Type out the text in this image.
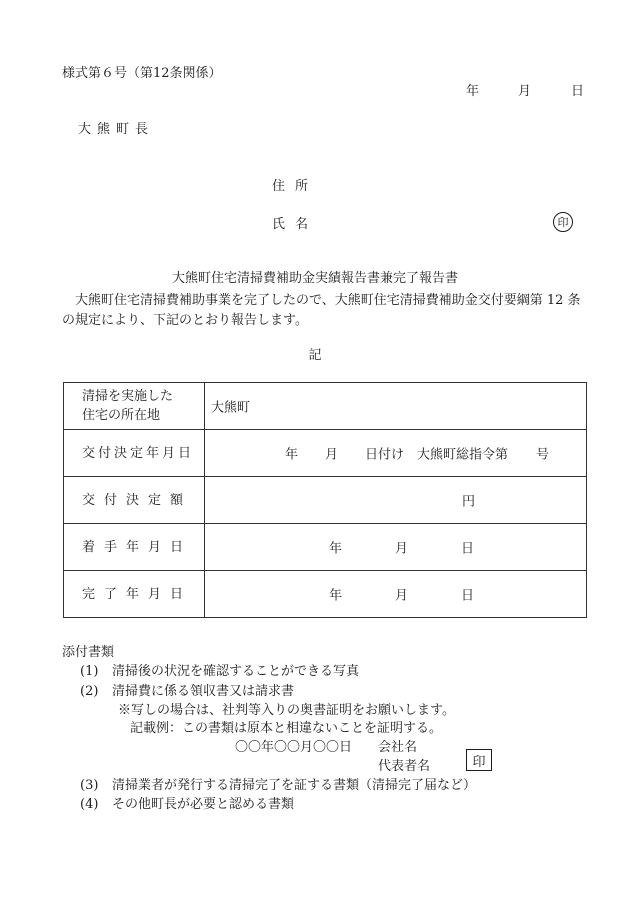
様式第６号（第12条関係）
年	月	日
大熊町長
住所
氏名	印
大熊町住宅清掃費補助金実績報告書兼完了報告書
大熊町住宅清掃費補助事業を完了したので、大熊町住宅清掃費補助金交付要綱第 12 条の規定により、下記のとおり報告します。
記
清掃を実施した
住宅の所在地	大熊町

交付決定年月日	年 月 日付け 大熊町総指令第 号

交付決定額	円

着手年月日	年 月 日

完了年月日	年 月 日
添付書類
(1) 清掃後の状況を確認することができる写真
(2) 清掃費に係る領収書又は請求書
※写しの場合は、社判等入りの奥書証明をお願いします。
記載例：この書類は原本と相違ないことを証明する。
〇〇年〇〇月〇〇日 会社名
代表者名	印
(3) 清掃業者が発行する清掃完了を証する書類（清掃完了届など）
(4) その他町長が必要と認める書類
